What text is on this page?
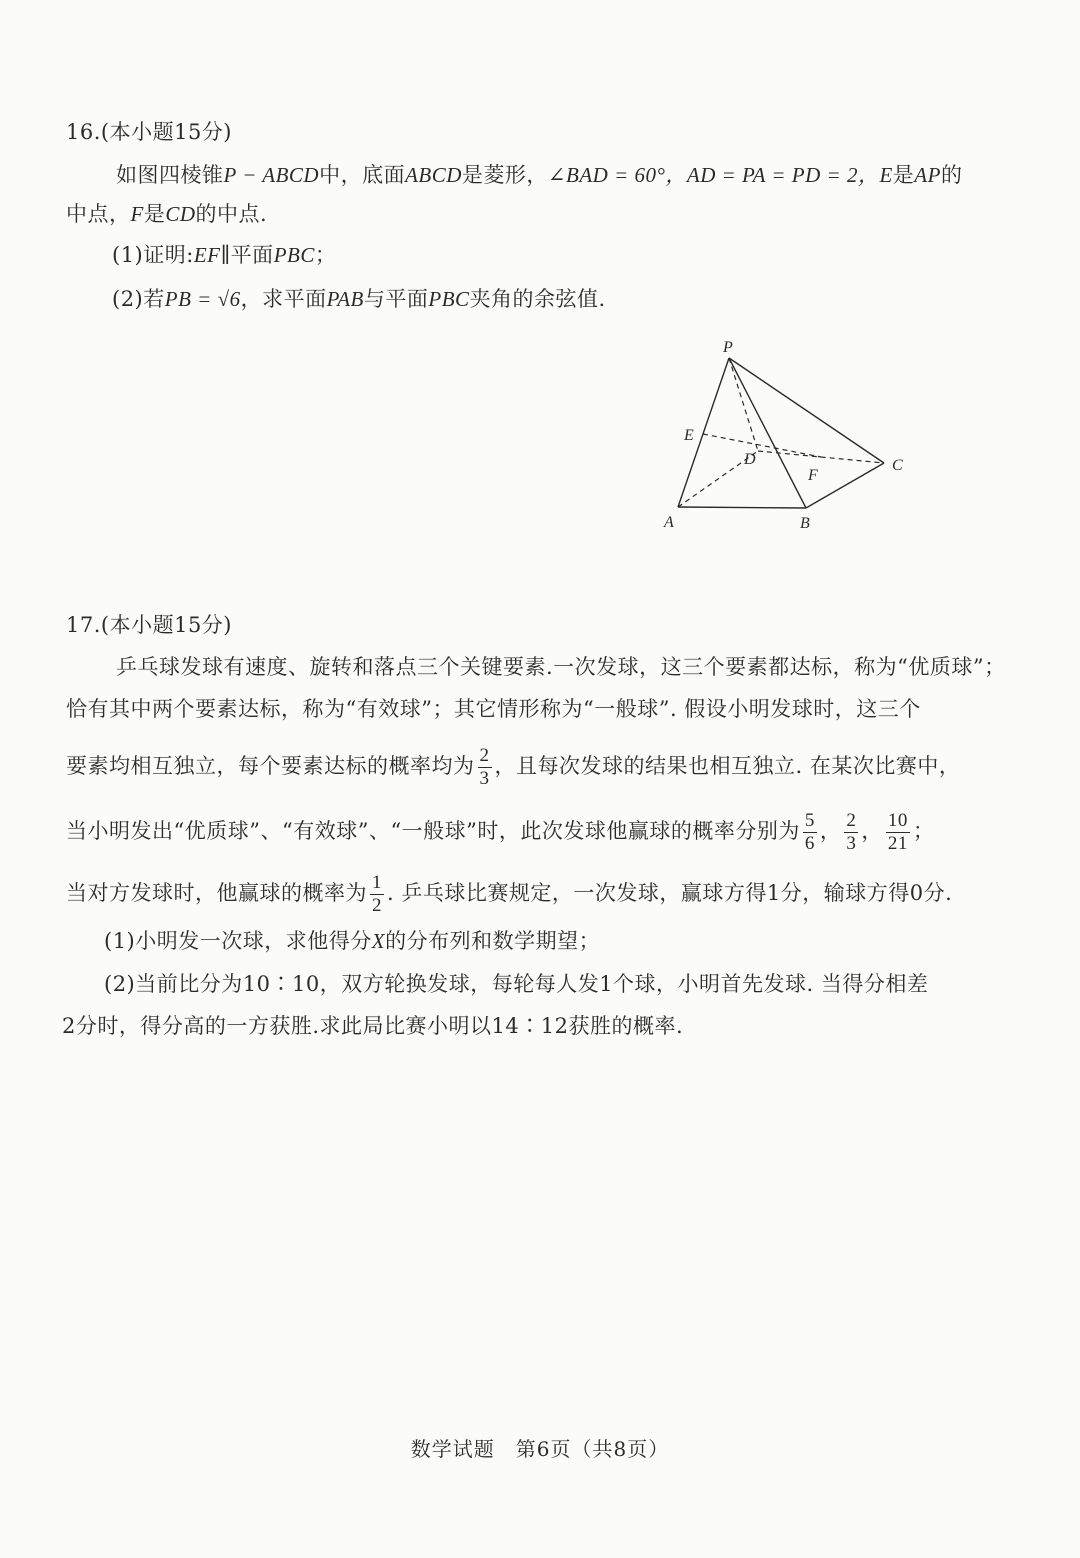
16.(本小题15分)
如图四棱锥P − ABCD中，底面ABCD是菱形，∠BAD = 60°，AD = PA = PD = 2，E是AP的
中点，F是CD的中点.
(1)证明:EF∥平面PBC；
(2)若PB = √6，求平面PAB与平面PBC夹角的余弦值.
P
E
D
F
C
A	B
17.(本小题15分)
乒乓球发球有速度、旋转和落点三个关键要素.一次发球，这三个要素都达标，称为“优质球”；
恰有其中两个要素达标，称为“有效球”；其它情形称为“一般球”. 假设小明发球时，这三个
要素均相互独立，每个要素达标的概率均为 $\frac{2}{3}$ ，且每次发球的结果也相互独立. 在某次比赛中，
当小明发出“优质球”、“有效球”、“一般球”时，此次发球他赢球的概率分别为 $\frac{5}{6}$ ， $\frac{2}{3}$ ， $\frac{10}{21}$ ；
当对方发球时，他赢球的概率为 $\frac{1}{2}$ . 乒乓球比赛规定，一次发球，赢球方得1分，输球方得0分.
(1)小明发一次球，求他得分X的分布列和数学期望；
(2)当前比分为10∶10，双方轮换发球，每轮每人发1个球，小明首先发球. 当得分相差
2分时，得分高的一方获胜.求此局比赛小明以14∶12获胜的概率.
数学试题　第6页（共8页）
